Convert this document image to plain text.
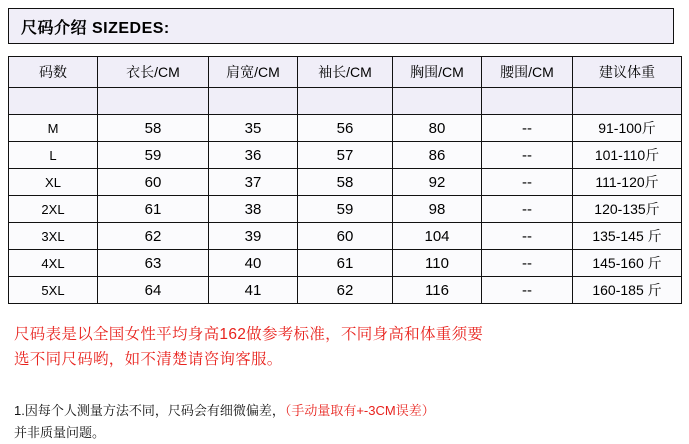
尺码介绍 SIZEDES:
码数	衣长/CM	肩宽/CM	袖长/CM	胸围/CM	腰围/CM	建议体重

M	58	35	56	80	--	91-100斤
L	59	36	57	86	--	101-110斤
XL	60	37	58	92	--	111-120斤
2XL	61	38	59	98	--	120-135斤
3XL	62	39	60	104	--	135-145 斤
4XL	63	40	61	110	--	145-160 斤
5XL	64	41	62	116	--	160-185 斤
尺码表是以全国女性平均身高162做参考标准，不同身高和体重须要
选不同尺码哟，如不清楚请咨询客服。
1.因每个人测量方法不同，尺码会有细微偏差，（手动量取有+-3CM误差）
并非质量问题。
